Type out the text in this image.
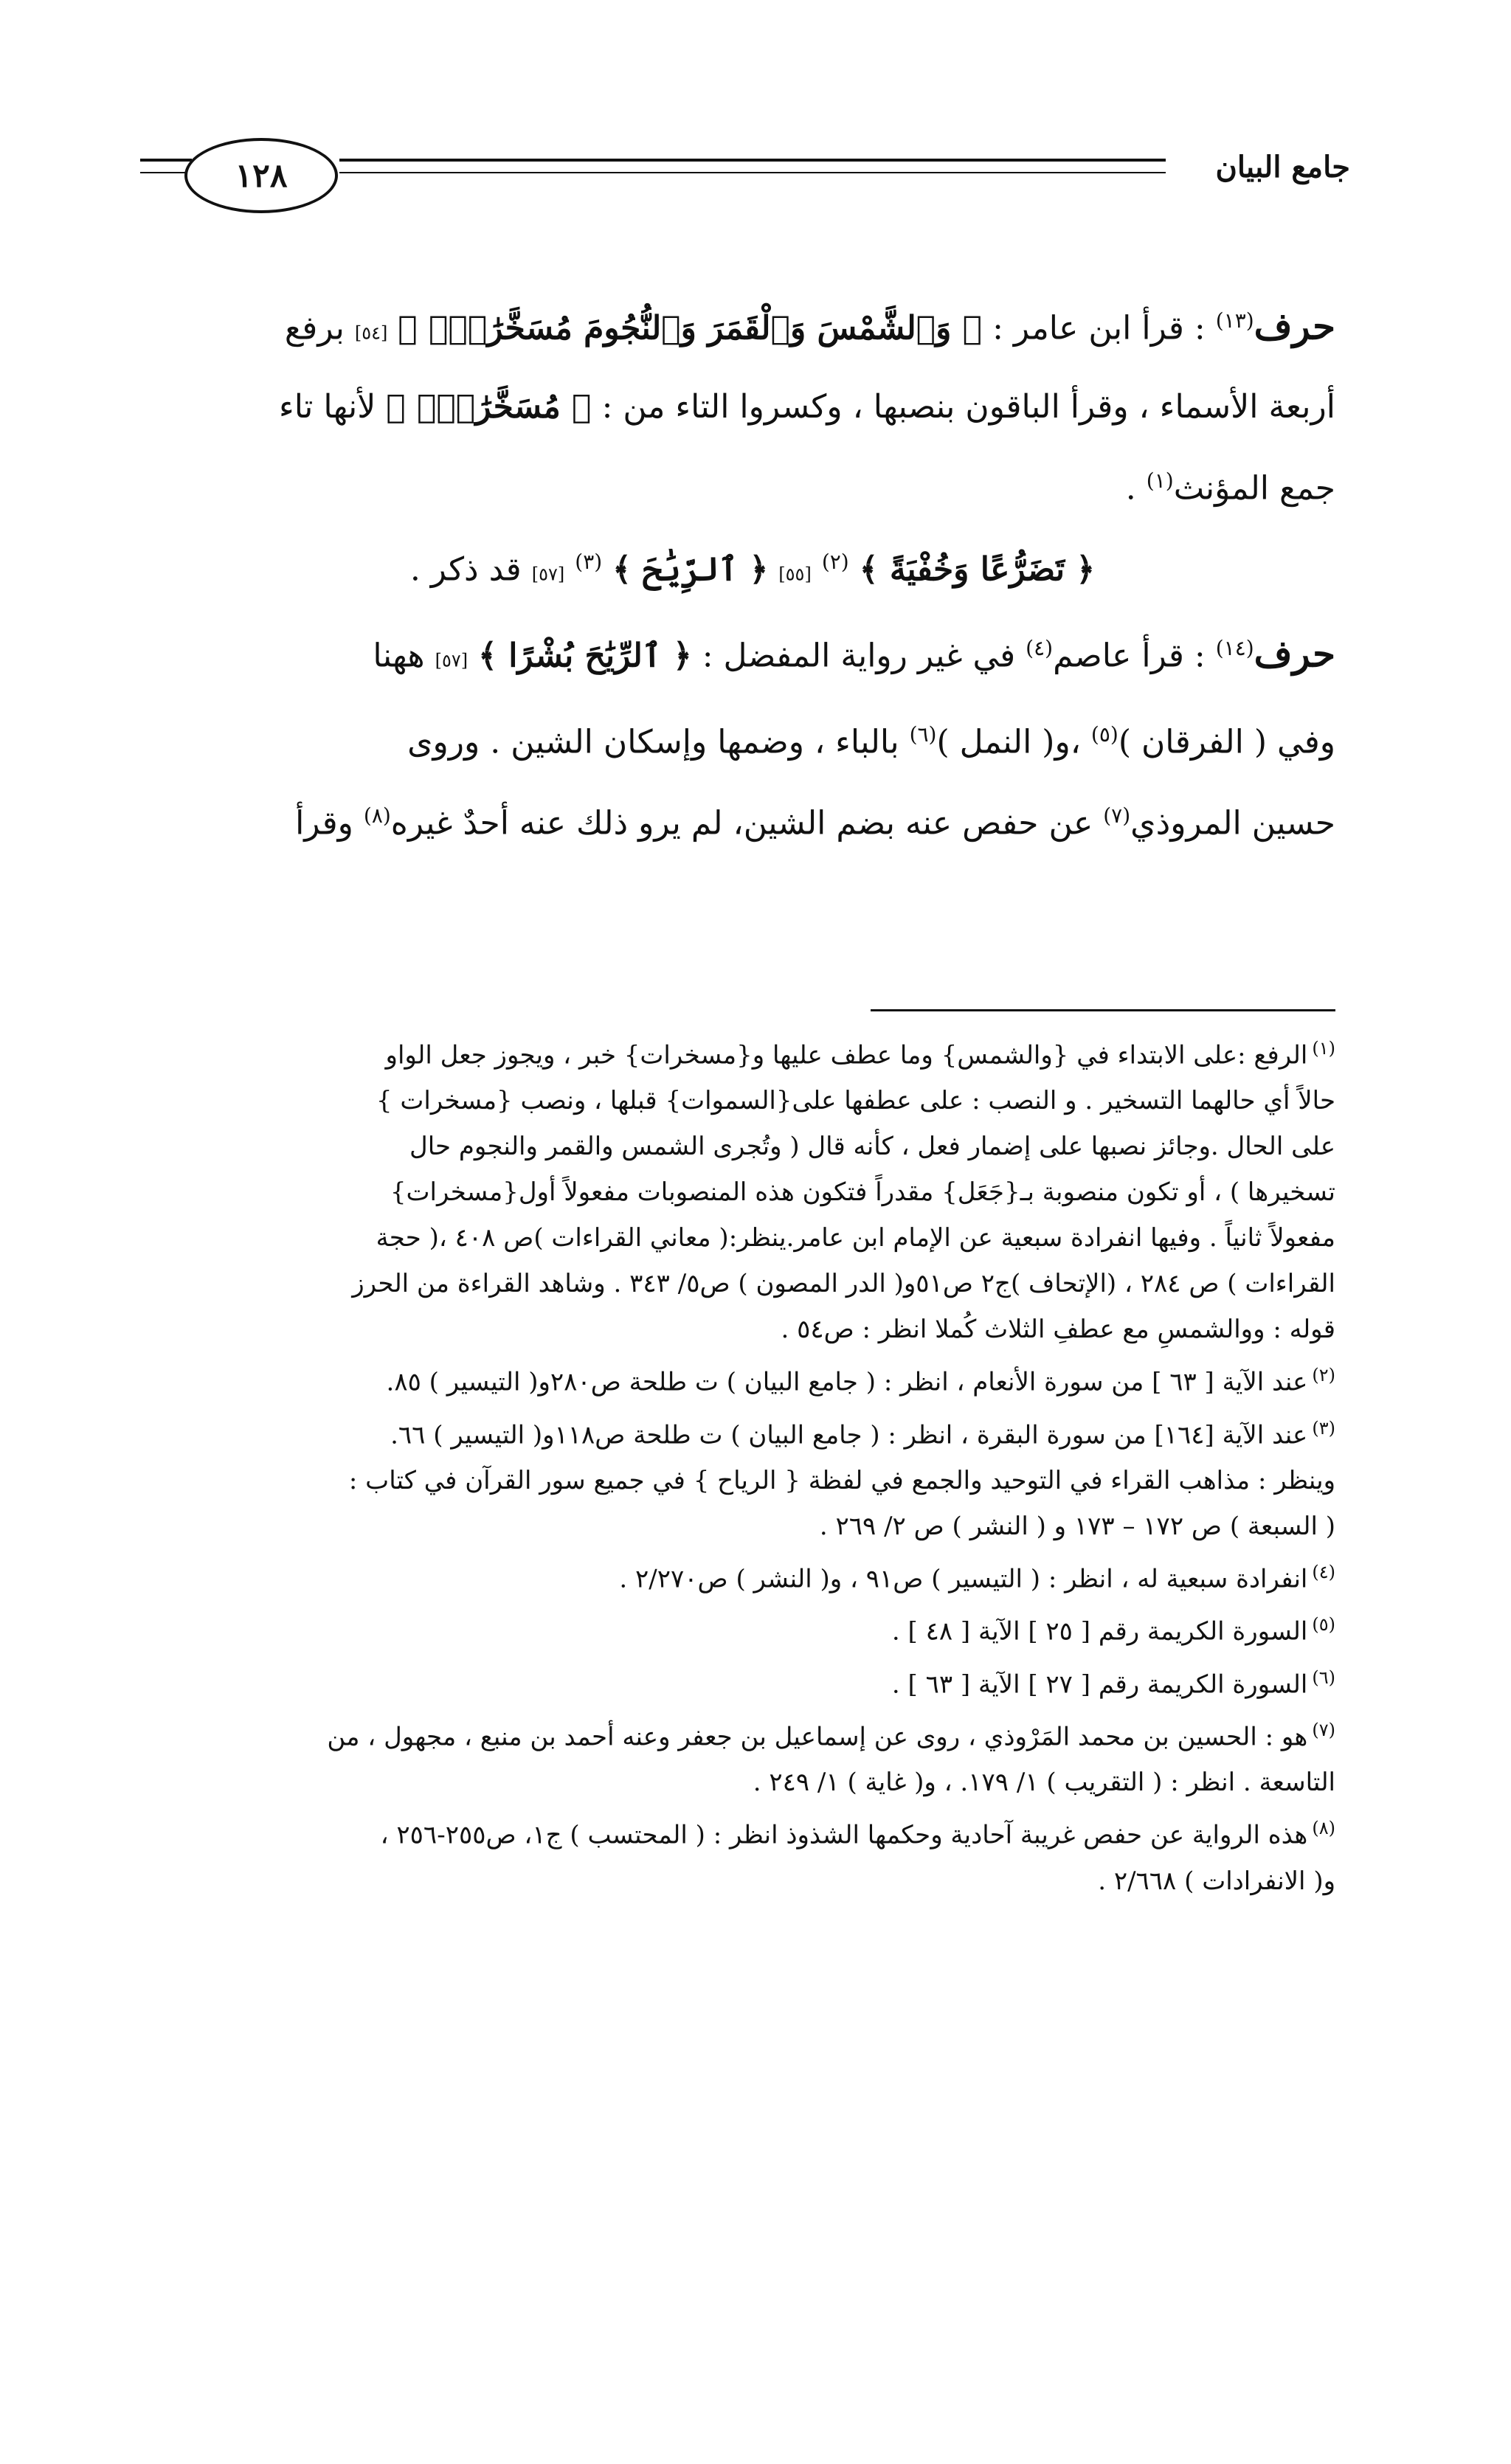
١٢٨	جامع البيان

حرف$^{(١٣)}$ : قرأ ابن عامر : ﴿ وَٱلشَّمْسَ وَٱلْقَمَرَ وَٱلنُّجُومَ مُسَخَّرَٰتٍۭ ﴾ [٥٤] برفع

أربعة الأسماء ، وقرأ الباقون بنصبها ، وكسروا التاء من : ﴿ مُسَخَّرَٰتٍۭ ﴾ لأنها تاء

جمع المؤنث$^{(١)}$ .

﴿ تَضَرُّعًا وَخُفْيَةً ﴾ $^{(٢)}$ [٥٥] ﴿ ٱلرِّيَٰحَ ﴾ $^{(٣)}$ [٥٧] قد ذكر .

حرف$^{(١٤)}$ : قرأ عاصم$^{(٤)}$ في غير رواية المفضل : ﴿ ٱلرِّيَٰحَ بُشْرًا ﴾ [٥٧] ههنا

وفي ( الفرقان )$^{(٥)}$ ،و( النمل )$^{(٦)}$ بالباء ، وضمها وإسكان الشين . وروى

حسين المروذي$^{(٧)}$ عن حفص عنه بضم الشين، لم يرو ذلك عنه أحدٌ غيره$^{(٨)}$ وقرأ

$^{(١)}$الرفع :على الابتداء في {والشمس} وما عطف عليها و{مسخرات} خبر ، ويجوز جعل الواو

حالاً أي حالهما التسخير . و النصب : على عطفها على{السموات} قبلها ، ونصب {مسخرات }

على الحال .وجائز نصبها على إضمار فعل ، كأنه قال ( وتُجرى الشمس والقمر والنجوم حال

تسخيرها ) ، أو تكون منصوبة بـ{جَعَل} مقدراً فتكون هذه المنصوبات مفعولاً أول{مسخرات}

مفعولاً ثانياً . وفيها انفرادة سبعية عن الإمام ابن عامر.ينظر:( معاني القراءات )ص ٤٠٨ ،( حجة

القراءات ) ص ٢٨٤ ، (الإتحاف )ج٢ ص٥١و( الدر المصون ) ص٥/ ٣٤٣ . وشاهد القراءة من الحرز

قوله : ووالشمسِ مع عطفِ الثلاث كُملا انظر : ص٥٤ .

$^{(٢)}$عند الآية [ ٦٣ ] من سورة الأنعام ، انظر : ( جامع البيان ) ت طلحة ص٢٨٠و( التيسير ) ٨٥.

$^{(٣)}$عند الآية [١٦٤] من سورة البقرة ، انظر : ( جامع البيان ) ت طلحة ص١١٨و( التيسير ) ٦٦.

وينظر : مذاهب القراء في التوحيد والجمع في لفظة { الرياح } في جميع سور القرآن في كتاب :

( السبعة ) ص ١٧٢ – ١٧٣ و ( النشر ) ص ٢/ ٢٦٩ .

$^{(٤)}$انفرادة سبعية له ، انظر : ( التيسير ) ص٩١ ، و( النشر ) ص٢/٢٧٠ .

$^{(٥)}$السورة الكريمة رقم [ ٢٥ ] الآية [ ٤٨ ] .

$^{(٦)}$السورة الكريمة رقم [ ٢٧ ] الآية [ ٦٣ ] .

$^{(٧)}$هو : الحسين بن محمد المَرْوذي ، روى عن إسماعيل بن جعفر وعنه أحمد بن منبع ، مجهول ، من

التاسعة . انظر : ( التقريب ) ١/ ١٧٩. ، و( غاية ) ١/ ٢٤٩ .

$^{(٨)}$هذه الرواية عن حفص غريبة آحادية وحكمها الشذوذ انظر : ( المحتسب ) ج١، ص٢٥٥-٢٥٦ ،

و( الانفرادات ) ٢/٦٦٨ .
